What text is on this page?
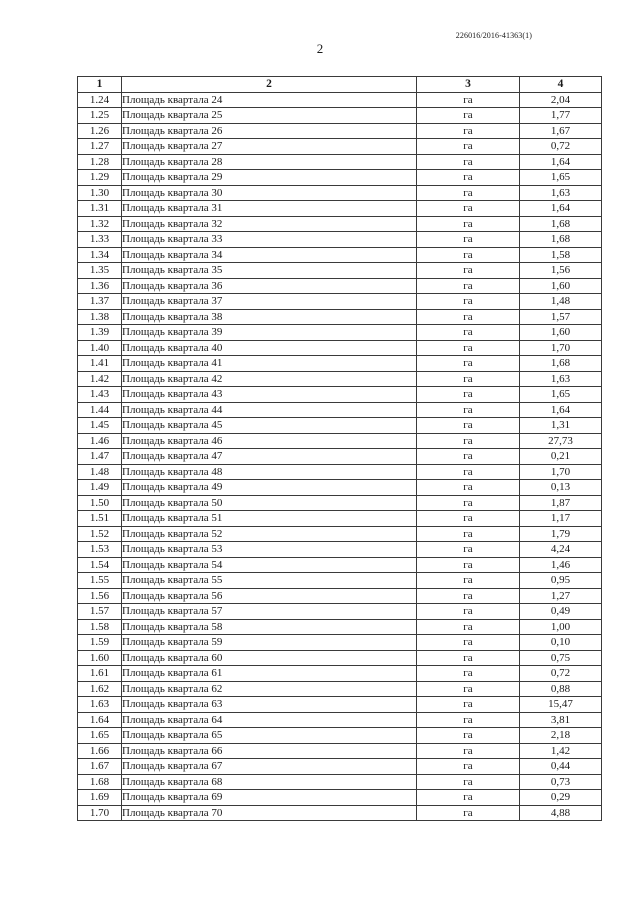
226016/2016-41363(1)
2
1	2	3	4
1.24	Площадь квартала 24	га	2,04
1.25	Площадь квартала 25	га	1,77
1.26	Площадь квартала 26	га	1,67
1.27	Площадь квартала 27	га	0,72
1.28	Площадь квартала 28	га	1,64
1.29	Площадь квартала 29	га	1,65
1.30	Площадь квартала 30	га	1,63
1.31	Площадь квартала 31	га	1,64
1.32	Площадь квартала 32	га	1,68
1.33	Площадь квартала 33	га	1,68
1.34	Площадь квартала 34	га	1,58
1.35	Площадь квартала 35	га	1,56
1.36	Площадь квартала 36	га	1,60
1.37	Площадь квартала 37	га	1,48
1.38	Площадь квартала 38	га	1,57
1.39	Площадь квартала 39	га	1,60
1.40	Площадь квартала 40	га	1,70
1.41	Площадь квартала 41	га	1,68
1.42	Площадь квартала 42	га	1,63
1.43	Площадь квартала 43	га	1,65
1.44	Площадь квартала 44	га	1,64
1.45	Площадь квартала 45	га	1,31
1.46	Площадь квартала 46	га	27,73
1.47	Площадь квартала 47	га	0,21
1.48	Площадь квартала 48	га	1,70
1.49	Площадь квартала 49	га	0,13
1.50	Площадь квартала 50	га	1,87
1.51	Площадь квартала 51	га	1,17
1.52	Площадь квартала 52	га	1,79
1.53	Площадь квартала 53	га	4,24
1.54	Площадь квартала 54	га	1,46
1.55	Площадь квартала 55	га	0,95
1.56	Площадь квартала 56	га	1,27
1.57	Площадь квартала 57	га	0,49
1.58	Площадь квартала 58	га	1,00
1.59	Площадь квартала 59	га	0,10
1.60	Площадь квартала 60	га	0,75
1.61	Площадь квартала 61	га	0,72
1.62	Площадь квартала 62	га	0,88
1.63	Площадь квартала 63	га	15,47
1.64	Площадь квартала 64	га	3,81
1.65	Площадь квартала 65	га	2,18
1.66	Площадь квартала 66	га	1,42
1.67	Площадь квартала 67	га	0,44
1.68	Площадь квартала 68	га	0,73
1.69	Площадь квартала 69	га	0,29
1.70	Площадь квартала 70	га	4,88
